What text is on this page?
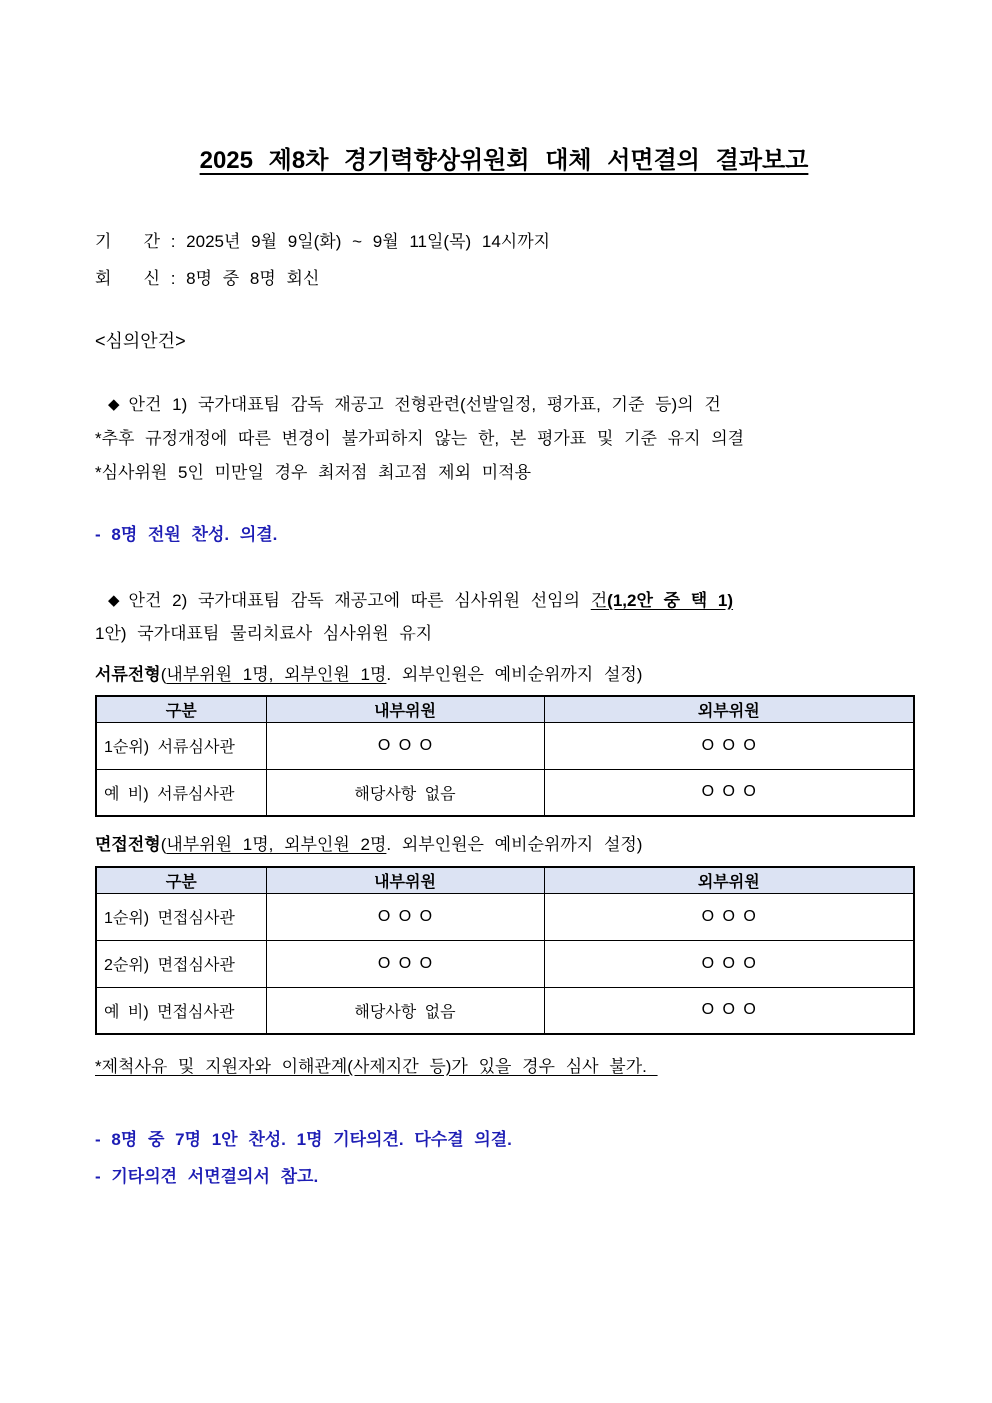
2025 제8차 경기력향상위원회 대체 서면결의 결과보고
기   간 : 2025년 9월 9일(화) ~ 9월 11일(목) 14시까지
회   신 : 8명 중 8명 회신
<심의안건>

◆ 안건 1) 국가대표팀 감독 재공고 전형관련(선발일정, 평가표, 기준 등)의 건

*추후 규정개정에 따른 변경이 불가피하지 않는 한, 본 평가표 및 기준 유지 의결
*심사위원 5인 미만일 경우 최저점 최고점 제외 미적용

- 8명 전원 찬성. 의결.

◆ 안건 2) 국가대표팀 감독 재공고에 따른 심사위원 선임의 건(1,2안 중 택 1)

1안) 국가대표팀 물리치료사 심사위원 유지

서류전형(내부위원 1명, 외부인원 1명. 외부인원은 예비순위까지 설정)

구분	내부위원	외부위원
1순위) 서류심사관	O O O	O O O
예 비) 서류심사관	해당사항 없음	O O O

면접전형(내부위원 1명, 외부인원 2명. 외부인원은 예비순위까지 설정)

구분	내부위원	외부위원
1순위) 면접심사관	O O O	O O O
2순위) 면접심사관	O O O	O O O
예 비) 면접심사관	해당사항 없음	O O O

*제척사유 및 지원자와 이해관계(사제지간 등)가 있을 경우 심사 불가.

- 8명 중 7명 1안 찬성. 1명 기타의견. 다수결 의결.
- 기타의견 서면결의서 참고.
